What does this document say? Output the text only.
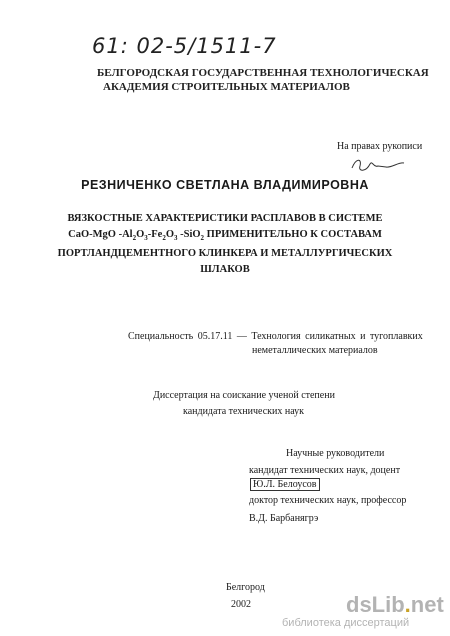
61: 02-5/1511-7
БЕЛГОРОДСКАЯ ГОСУДАРСТВЕННАЯ ТЕХНОЛОГИЧЕСКАЯ
АКАДЕМИЯ СТРОИТЕЛЬНЫХ МАТЕРИАЛОВ
На правах рукописи
РЕЗНИЧЕНКО СВЕТЛАНА ВЛАДИМИРОВНА
ВЯЗКОСТНЫЕ ХАРАКТЕРИСТИКИ РАСПЛАВОВ В СИСТЕМЕ
CaO-MgO $-Al_2O_3-Fe_2O_3$ -SiO$_2$ ПРИМЕНИТЕЛЬНО К СОСТАВАМ
ПОРТЛАНДЦЕМЕНТНОГО КЛИНКЕРА И МЕТАЛЛУРГИЧЕСКИХ
ШЛАКОВ
Специальность 05.17.11 — Технология силикатных и тугоплавких
неметаллических материалов
Диссертация на соискание ученой степени
кандидата технических наук
Научные руководители
кандидат технических наук, доцент
Ю.Л. Белоусов
доктор технических наук, профессор
В.Д. Барбанягрэ
Белгород
2002	dsLib.net
библиотека диссертаций
